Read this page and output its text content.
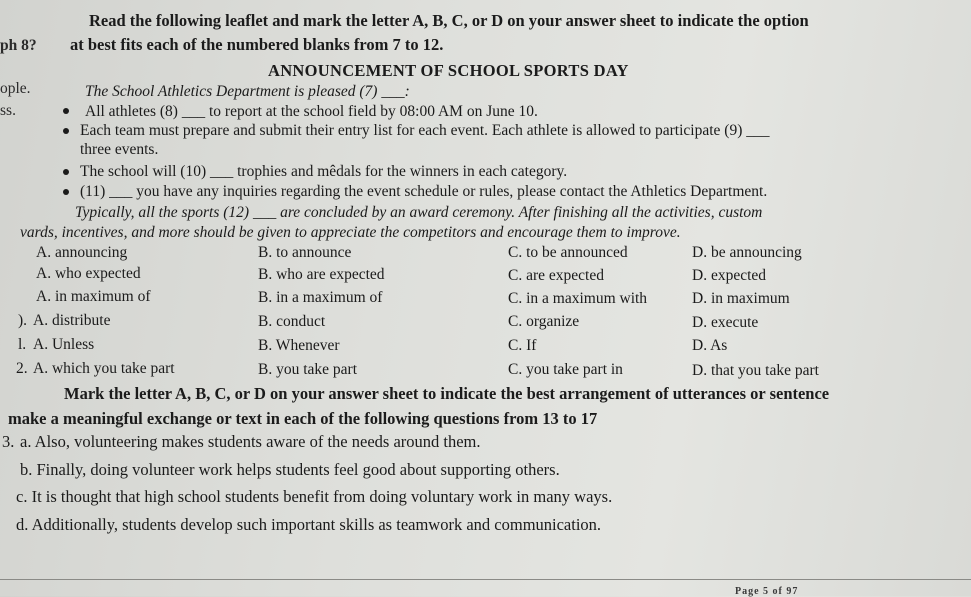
Read the following leaflet and mark the letter A, B, C, or D on your answer sheet to indicate the option
ph 8? at best fits each of the numbered blanks from 7 to 12.
ANNOUNCEMENT OF SCHOOL SPORTS DAY
ople.
ss.
The School Athletics Department is pleased (7) ___:
All athletes (8) ___ to report at the school field by 08:00 AM on June 10.
Each team must prepare and submit their entry list for each event. Each athlete is allowed to participate (9) ___
three events.
The school will (10) ___ trophies and mêdals for the winners in each category.
(11) ___ you have any inquiries regarding the event schedule or rules, please contact the Athletics Department.
Typically, all the sports (12) ___ are concluded by an award ceremony. After finishing all the activities, custom
vards, incentives, and more should be given to appreciate the competitors and encourage them to improve.
A. announcing	B. to announce	C. to be announced	D. be announcing
A. who expected	B. who are expected	C. are expected	D. expected
A. in maximum of	B. in a maximum of	C. in a maximum with	D. in maximum
). A. distribute	B. conduct	C. organize	D. execute
l. A. Unless	B. Whenever	C. If	D. As
2. A. which you take part	B. you take part	C. you take part in	D. that you take part
Mark the letter A, B, C, or D on your answer sheet to indicate the best arrangement of utterances or sentence
make a meaningful exchange or text in each of the following questions from 13 to 17
3. a. Also, volunteering makes students aware of the needs around them.
b. Finally, doing volunteer work helps students feel good about supporting others.
c. It is thought that high school students benefit from doing voluntary work in many ways.
d. Additionally, students develop such important skills as teamwork and communication.
Page 5 of 97
